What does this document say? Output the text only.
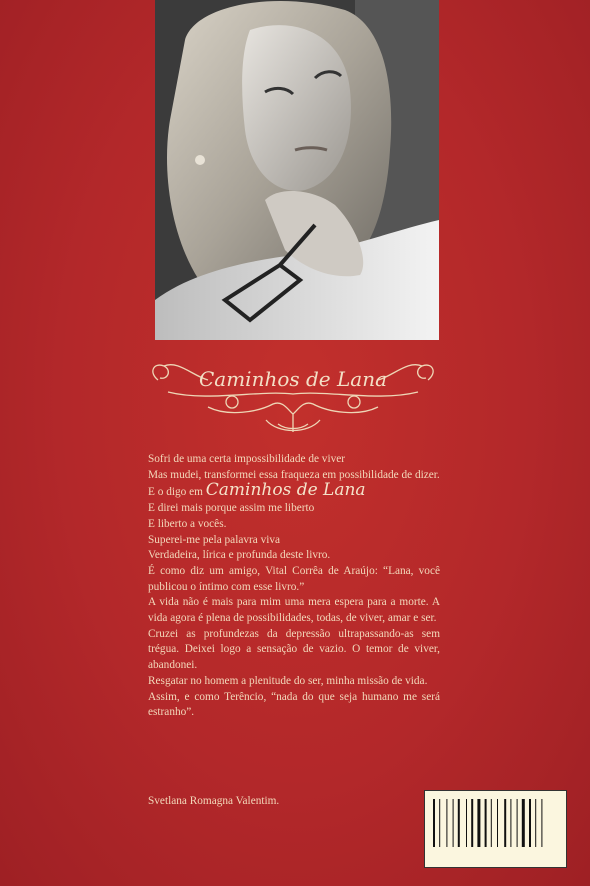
Caminhos de Lana

Sofri de uma certa impossibilidade de viver

Mas mudei, transformei essa fraqueza em possibilidade de dizer.

E o digo em Caminhos de Lana

E direi mais porque assim me liberto

E liberto a vocês.

Superei-me pela palavra viva

Verdadeira, lírica e profunda deste livro.

É como diz um amigo, Vital Corrêa de Araújo: “Lana, você publicou o íntimo com esse livro.”

A vida não é mais para mim uma mera espera para a morte. A vida agora é plena de possibilidades, todas, de viver, amar e ser.

Cruzei as profundezas da depressão ultrapassando-as sem trégua. Deixei logo a sensação de vazio. O temor de viver, abandonei.

Resgatar no homem a plenitude do ser, minha missão de vida.

Assim, e como Terêncio, “nada do que seja humano me será estranho”.

Svetlana Romagna Valentim.
